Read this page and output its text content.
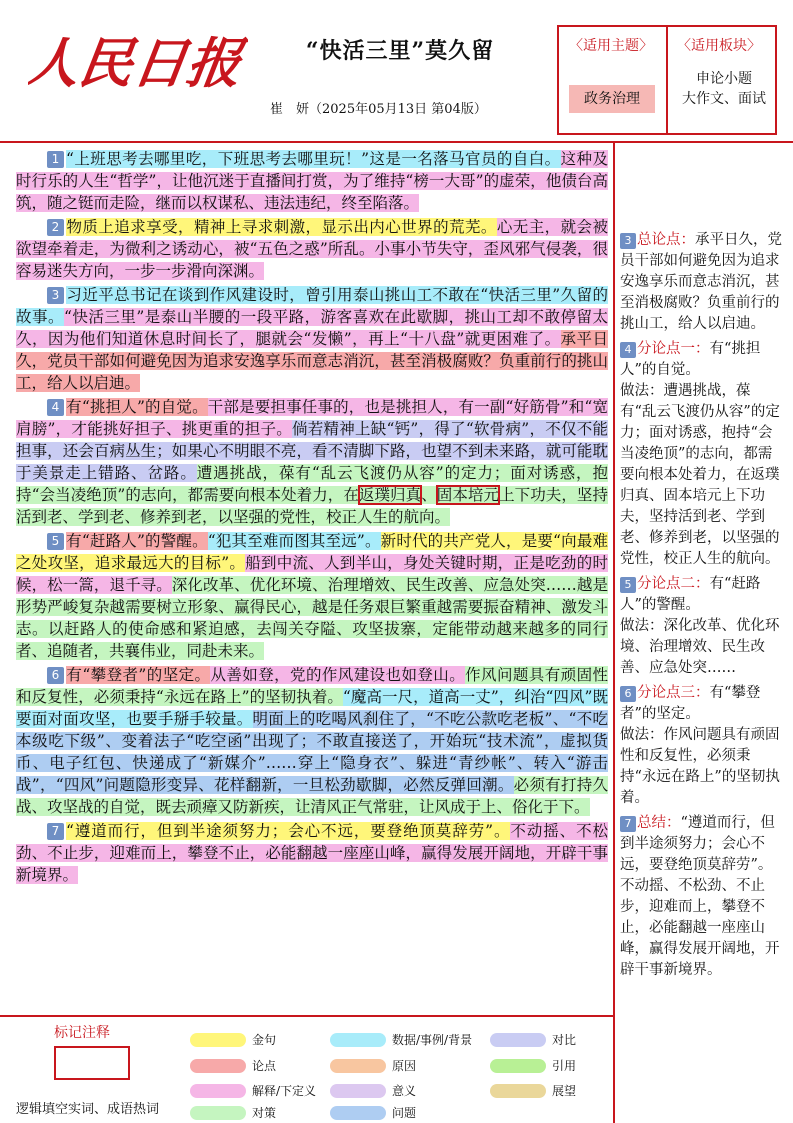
人民日报	“快活三里”莫久留
崔　妍（2025年05月13日 第04版）
〈适用主题〉
政务治理
〈适用板块〉
申论小题
大作文、面试

1 “上班思考去哪里吃，下班思考去哪里玩！”这是一名落马官员的自白。这种及时行乐的人生“哲学”，让他沉迷于直播间打赏，为了维持“榜一大哥”的虚荣，他债台高筑，随之铤而走险，继而以权谋私、违法违纪，终至陷落。

2 物质上追求享受，精神上寻求刺激，显示出内心世界的荒芜。心无主，就会被欲望牵着走，为微利之诱动心，被“五色之惑”所乱。小事小节失守，歪风邪气侵袭，很容易迷失方向，一步一步滑向深渊。

3 习近平总书记在谈到作风建设时，曾引用泰山挑山工不敢在“快活三里”久留的故事。“快活三里”是泰山半腰的一段平路，游客喜欢在此歇脚，挑山工却不敢停留太久，因为他们知道休息时间长了，腿就会“发懒”，再上“十八盘”就更困难了。承平日久，党员干部如何避免因为追求安逸享乐而意志消沉，甚至消极腐败？负重前行的挑山工，给人以启迪。

4 有“挑担人”的自觉。干部是要担事任事的，也是挑担人，有一副“好筋骨”和“宽肩膀”，才能挑好担子、挑更重的担子。倘若精神上缺“钙”，得了“软骨病”，不仅不能担事，还会百病丛生；如果心不明眼不亮，看不清脚下路，也望不到未来路，就可能耽于美景走上错路、岔路。遭遇挑战，葆有“乱云飞渡仍从容”的定力；面对诱惑，抱持“会当凌绝顶”的志向，都需要向根本处着力，在返璞归真、固本培元上下功夫，坚持活到老、学到老、修养到老，以坚强的党性，校正人生的航向。

5 有“赶路人”的警醒。“犯其至难而图其至远”。新时代的共产党人，是要“向最难之处攻坚，追求最远大的目标”。船到中流、人到半山，身处关键时期，正是吃劲的时候，松一篙，退千寻。深化改革、优化环境、治理增效、民生改善、应急处突……越是形势严峻复杂越需要树立形象、赢得民心，越是任务艰巨繁重越需要振奋精神、激发斗志。以赶路人的使命感和紧迫感，去闯关夺隘、攻坚拔寨，定能带动越来越多的同行者、追随者，共襄伟业，同赴未来。

6 有“攀登者”的坚定。从善如登，党的作风建设也如登山。作风问题具有顽固性和反复性，必须秉持“永远在路上”的坚韧执着。“魔高一尺，道高一丈”，纠治“四风”既要面对面攻坚，也要手掰手较量。明面上的吃喝风刹住了，“不吃公款吃老板”、“不吃本级吃下级”、变着法子“吃空函”出现了；不敢直接送了，开始玩“技术流”，虚拟货币、电子红包、快递成了“新媒介”……穿上“隐身衣”、躲进“青纱帐”、转入“游击战”，“四风”问题隐形变异、花样翻新，一旦松劲歇脚，必然反弹回潮。必须有打持久战、攻坚战的自觉，既去顽瘴又防新疾，让清风正气常驻，让风成于上、俗化于下。

7 “遵道而行，但到半途须努力；会心不远，要登绝顶莫辞劳”。不动摇、不松劲、不止步，迎难而上，攀登不止，必能翻越一座座山峰，赢得发展开阔地，开辟干事新境界。

3 总论点：承平日久，党员干部如何避免因为追求安逸享乐而意志消沉，甚至消极腐败？负重前行的挑山工，给人以启迪。
4 分论点一：有“挑担人”的自觉。
做法：遭遇挑战，葆有“乱云飞渡仍从容”的定力；面对诱惑，抱持“会当凌绝顶”的志向，都需要向根本处着力，在返璞归真、固本培元上下功夫，坚持活到老、学到老、修养到老，以坚强的党性，校正人生的航向。
5 分论点二：有“赶路人”的警醒。
做法：深化改革、优化环境、治理增效、民生改善、应急处突……
6 分论点三：有“攀登者”的坚定。
做法：作风问题具有顽固性和反复性，必须秉持“永远在路上”的坚韧执着。
7 总结：“遵道而行，但到半途须努力；会心不远，要登绝顶莫辞劳”。不动摇、不松劲、不止步，迎难而上，攀登不止，必能翻越一座座山峰，赢得发展开阔地，开辟干事新境界。
标记注释
逻辑填空实词、成语热词
金句
论点
解释/下定义
对策
数据/事例/背景
原因
意义
问题
对比
引用
展望
